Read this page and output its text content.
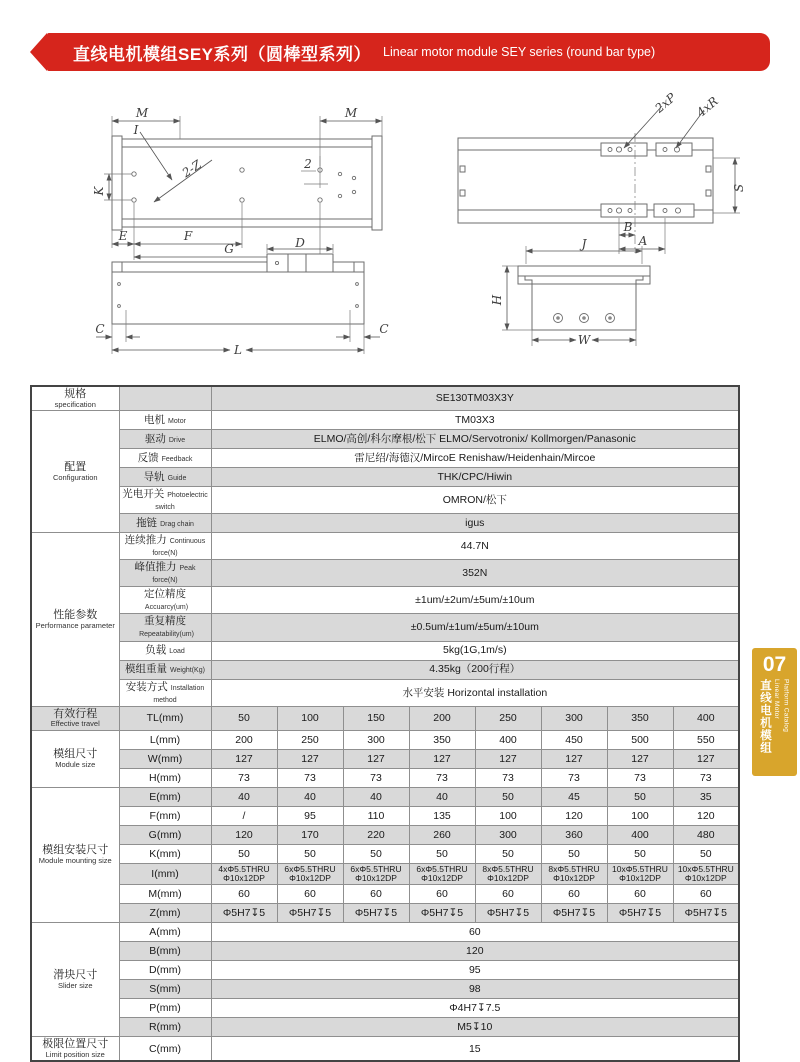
直线电机模组SEY系列（圆棒型系列） Linear motor module SEY series (round bar type)
M	M
I
K
2-Z	2
E	F
G
2xP 4xR
S
B
A
D
C	C
L
J
H
W
规格
specification		SE130TM03X3Y							

配置
Configuration	电机 Motor	TM03X3							
	驱动 Drive	ELMO/高创/科尔摩根/松下 ELMO/Servotronix/ Kollmorgen/Panasonic							
	反馈 Feedback	雷尼绍/海德汉/MircoE Renishaw/Heidenhain/Mircoe							
	导轨 Guide	THK/CPC/Hiwin							
	光电开关 Photoelectric switch	OMRON/松下							
	拖链 Drag chain	igus							

性能参数
Performance parameter	连续推力 Continuous force(N)	44.7N							
	峰值推力 Peak force(N)	352N							
	定位精度Accuarcy(um)	±1um/±2um/±5um/±10um							
	重复精度Repeatability(um)	±0.5um/±1um/±5um/±10um							
	负载 Load	5kg(1G,1m/s)							
	模组重量 Weight(Kg)	4.35kg（200行程）							
	安装方式 Installation method	水平安装 Horizontal installation							

有效行程
Effective travel	TL(mm)	50	100	150	200	250	300	350	400

模组尺寸
Module size	L(mm)	200	250	300	350	400	450	500	550
	W(mm)	127	127	127	127	127	127	127	127
	H(mm)	73	73	73	73	73	73	73	73

模组安装尺寸
Module mounting size	E(mm)	40	40	40	40	50	45	50	35
	F(mm)	/	95	110	135	100	120	100	120
	G(mm)	120	170	220	260	300	360	400	480
	K(mm)	50	50	50	50	50	50	50	50
	I(mm)	4xΦ5.5THRU Φ10x12DP	6xΦ5.5THRU Φ10x12DP	6xΦ5.5THRU Φ10x12DP	6xΦ5.5THRU Φ10x12DP	8xΦ5.5THRU Φ10x12DP	8xΦ5.5THRU Φ10x12DP	10xΦ5.5THRU Φ10x12DP	10xΦ5.5THRU Φ10x12DP
	M(mm)	60	60	60	60	60	60	60	60
	Z(mm)	Φ5H7↧5	Φ5H7↧5	Φ5H7↧5	Φ5H7↧5	Φ5H7↧5	Φ5H7↧5	Φ5H7↧5	Φ5H7↧5

滑块尺寸
Slider size	A(mm)	60							
	B(mm)	120							
	D(mm)	95							
	S(mm)	98							
	P(mm)	Φ4H7↧7.5							
	R(mm)	M5↧10							

极限位置尺寸
Limit position size	C(mm)	15							
07
直线电机模组 Linear Motor Platform Catalog
